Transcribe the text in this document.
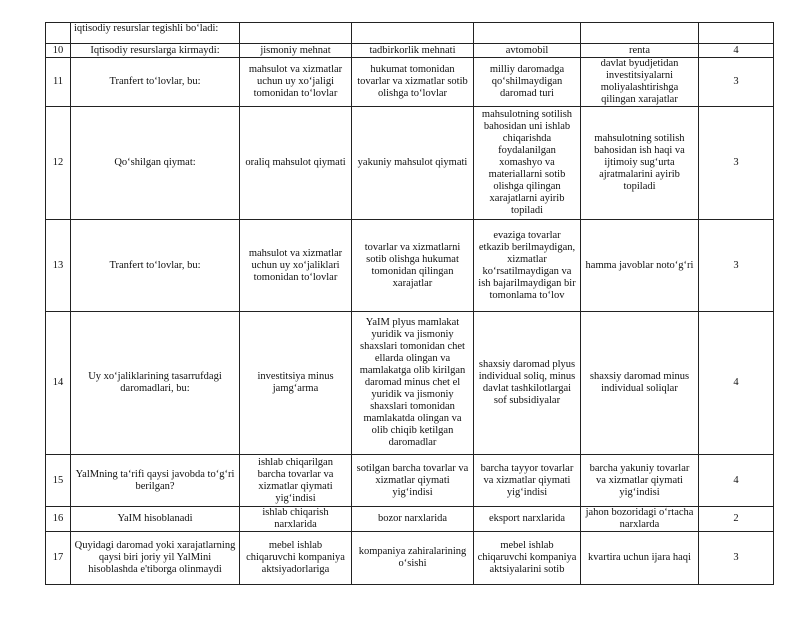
	iqtisodiy resurslar tegishli bo‘ladi:					
10	Iqtisodiy resurslarga kirmaydi:	jismoniy mehnat	tadbirkorlik mehnati	avtomobil	renta	4
11	Tranfert to‘lovlar, bu:	mahsulot va xizmatlar uchun uy xo‘jaligi tomonidan to‘lovlar	hukumat tomonidan tovarlar va xizmatlar sotib olishga to‘lovlar	milliy daromadga qo‘shilmaydigan daromad turi	davlat byudjetidan investitsiyalarni moliyalashtirishga qilingan xarajatlar	3
12	Qo‘shilgan qiymat:	oraliq mahsulot qiymati	yakuniy mahsulot qiymati	mahsulotning sotilish bahosidan uni ishlab chiqarishda foydalanilgan xomashyo va materiallarni sotib olishga qilingan xarajatlarni ayirib topiladi	mahsulotning sotilish bahosidan ish haqi va ijtimoiy sug‘urta ajratmalarini ayirib topiladi	3
13	Tranfert to‘lovlar, bu:	mahsulot va xizmatlar uchun uy xo‘jaliklari tomonidan to‘lovlar	tovarlar va xizmatlarni sotib olishga hukumat tomonidan qilingan xarajatlar	evaziga tovarlar etkazib berilmaydigan, xizmatlar ko‘rsatilmaydigan va ish bajarilmaydigan bir tomonlama to‘lov	hamma javoblar noto‘g‘ri	3
14	Uy xo‘jaliklarining tasarrufdagi daromadlari, bu:	investitsiya minus jamg‘arma	YaIM plyus mamlakat yuridik va jismoniy shaxslari tomonidan chet ellarda olingan va mamlakatga olib kirilgan daromad minus chet el yuridik va jismoniy shaxslari tomonidan mamlakatda olingan va olib chiqib ketilgan daromadlar	shaxsiy daromad plyus individual soliq, minus davlat tashkilotlargai sof subsidiyalar	shaxsiy daromad minus individual soliqlar	4
15	YalMning ta‘rifi qaysi javobda to‘g‘ri berilgan?	ishlab chiqarilgan barcha tovarlar va xizmatlar qiymati yig‘indisi	sotilgan barcha tovarlar va xizmatlar qiymati yig‘indisi	barcha tayyor tovarlar va xizmatlar qiymati yig‘indisi	barcha yakuniy tovarlar va xizmatlar qiymati yig‘indisi	4
16	YaIM hisoblanadi	ishlab chiqarish narxlarida	bozor narxlarida	eksport narxlarida	jahon bozoridagi o‘rtacha narxlarda	2
17	Quyidagi daromad yoki xarajatlarning qaysi biri joriy yil YalMini hisoblashda e'tiborga olinmaydi	mebel ishlab chiqaruvchi kompaniya aktsiyadorlariga	kompaniya zahiralarining o‘sishi	mebel ishlab chiqaruvchi kompaniya aktsiyalarini sotib	kvartira uchun ijara haqi	3
